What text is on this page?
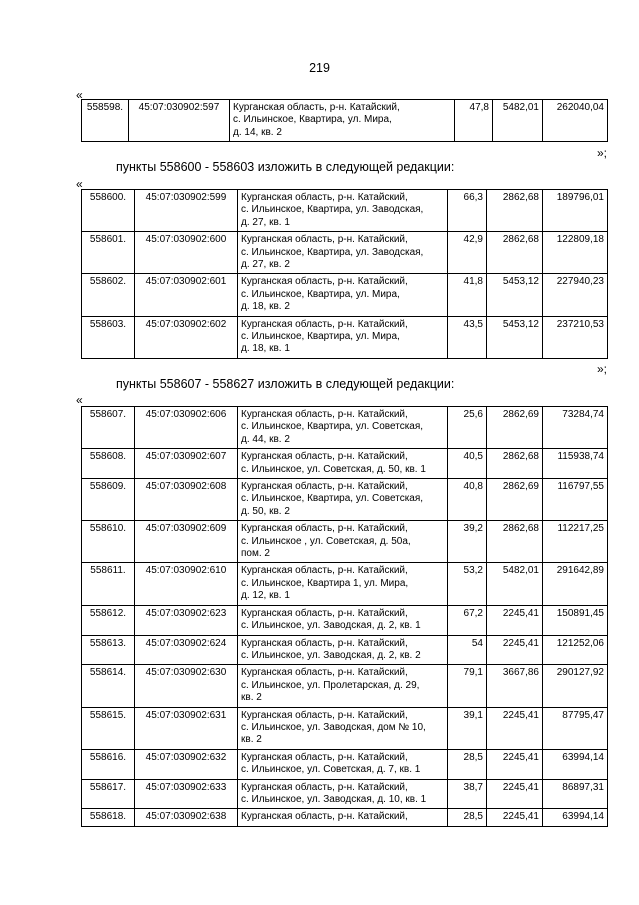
219
«
558598.	45:07:030902:597	Курганская область, р-н. Катайский,
с. Ильинское, Квартира, ул. Мира,
д. 14, кв. 2	47,8	5482,01	262040,04
»;
пункты 558600 - 558603 изложить в следующей редакции:
«
558600.	45:07:030902:599	Курганская область, р-н. Катайский,
с. Ильинское, Квартира, ул. Заводская,
д. 27, кв. 1	66,3	2862,68	189796,01
558601.	45:07:030902:600	Курганская область, р-н. Катайский,
с. Ильинское, Квартира, ул. Заводская,
д. 27, кв. 2	42,9	2862,68	122809,18
558602.	45:07:030902:601	Курганская область, р-н. Катайский,
с. Ильинское, Квартира, ул. Мира,
д. 18, кв. 2	41,8	5453,12	227940,23
558603.	45:07:030902:602	Курганская область, р-н. Катайский,
с. Ильинское, Квартира, ул. Мира,
д. 18, кв. 1	43,5	5453,12	237210,53
»;
пункты 558607 - 558627 изложить в следующей редакции:
«
558607.	45:07:030902:606	Курганская область, р-н. Катайский,
с. Ильинское, Квартира, ул. Советская,
д. 44, кв. 2	25,6	2862,69	73284,74
558608.	45:07:030902:607	Курганская область, р-н. Катайский,
с. Ильинское, ул. Советская, д. 50, кв. 1	40,5	2862,68	115938,74
558609.	45:07:030902:608	Курганская область, р-н. Катайский,
с. Ильинское, Квартира, ул. Советская,
д. 50, кв. 2	40,8	2862,69	116797,55
558610.	45:07:030902:609	Курганская область, р-н. Катайский,
с. Ильинское , ул. Советская, д. 50а,
пом. 2	39,2	2862,68	112217,25
558611.	45:07:030902:610	Курганская область, р-н. Катайский,
с. Ильинское, Квартира 1, ул. Мира,
д. 12, кв. 1	53,2	5482,01	291642,89
558612.	45:07:030902:623	Курганская область, р-н. Катайский,
с. Ильинское, ул. Заводская, д. 2, кв. 1	67,2	2245,41	150891,45
558613.	45:07:030902:624	Курганская область, р-н. Катайский,
с. Ильинское, ул. Заводская, д. 2, кв. 2	54	2245,41	121252,06
558614.	45:07:030902:630	Курганская область, р-н. Катайский,
с. Ильинское, ул. Пролетарская, д. 29,
кв. 2	79,1	3667,86	290127,92
558615.	45:07:030902:631	Курганская область, р-н. Катайский,
с. Ильинское, ул. Заводская, дом № 10,
кв. 2	39,1	2245,41	87795,47
558616.	45:07:030902:632	Курганская область, р-н. Катайский,
с. Ильинское, ул. Советская, д. 7, кв. 1	28,5	2245,41	63994,14
558617.	45:07:030902:633	Курганская область, р-н. Катайский,
с. Ильинское, ул. Заводская, д. 10, кв. 1	38,7	2245,41	86897,31
558618.	45:07:030902:638	Курганская область, р-н. Катайский,	28,5	2245,41	63994,14
